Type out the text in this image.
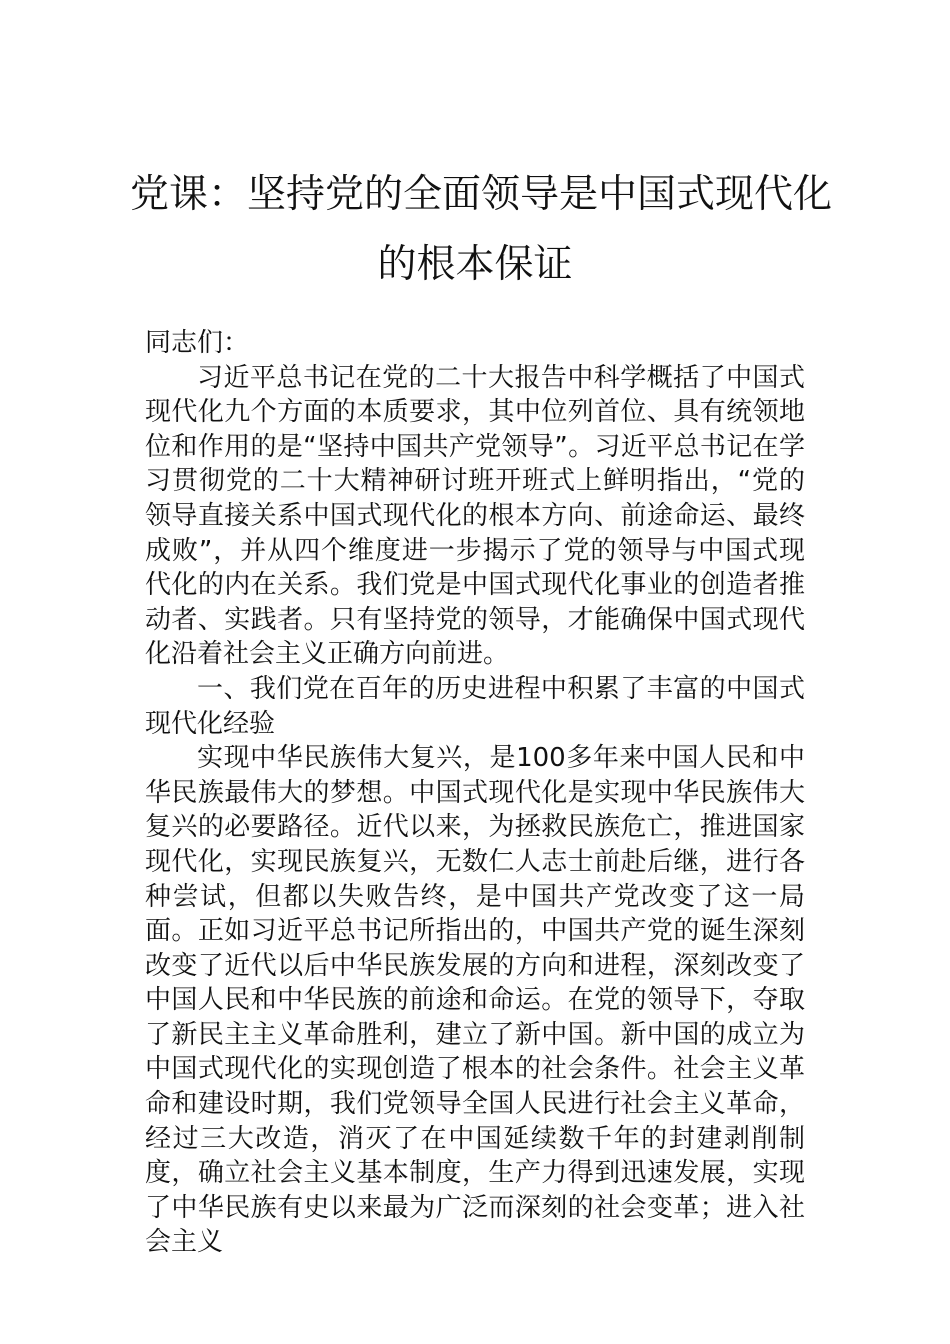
党课：坚持党的全面领导是中国式现代化
的根本保证

同志们：

习近平总书记在党的二十大报告中科学概括了中国式现代化九个方面的本质要求，其中位列首位、具有统领地位和作用的是“坚持中国共产党领导”。习近平总书记在学习贯彻党的二十大精神研讨班开班式上鲜明指出，“党的领导直接关系中国式现代化的根本方向、前途命运、最终成败”，并从四个维度进一步揭示了党的领导与中国式现代化的内在关系。我们党是中国式现代化事业的创造者推动者、实践者。只有坚持党的领导，才能确保中国式现代化沿着社会主义正确方向前进。

一、我们党在百年的历史进程中积累了丰富的中国式现代化经验

实现中华民族伟大复兴，是100多年来中国人民和中华民族最伟大的梦想。中国式现代化是实现中华民族伟大复兴的必要路径。近代以来，为拯救民族危亡，推进国家现代化，实现民族复兴，无数仁人志士前赴后继，进行各种尝试，但都以失败告终，是中国共产党改变了这一局面。正如习近平总书记所指出的，中国共产党的诞生深刻改变了近代以后中华民族发展的方向和进程，深刻改变了中国人民和中华民族的前途和命运。在党的领导下，夺取了新民主主义革命胜利，建立了新中国。新中国的成立为中国式现代化的实现创造了根本的社会条件。社会主义革命和建设时期，我们党领导全国人民进行社会主义革命，经过三大改造，消灭了在中国延续数千年的封建剥削制度，确立社会主义基本制度，生产力得到迅速发展，实现了中华民族有史以来最为广泛而深刻的社会变革；进入社会主义
